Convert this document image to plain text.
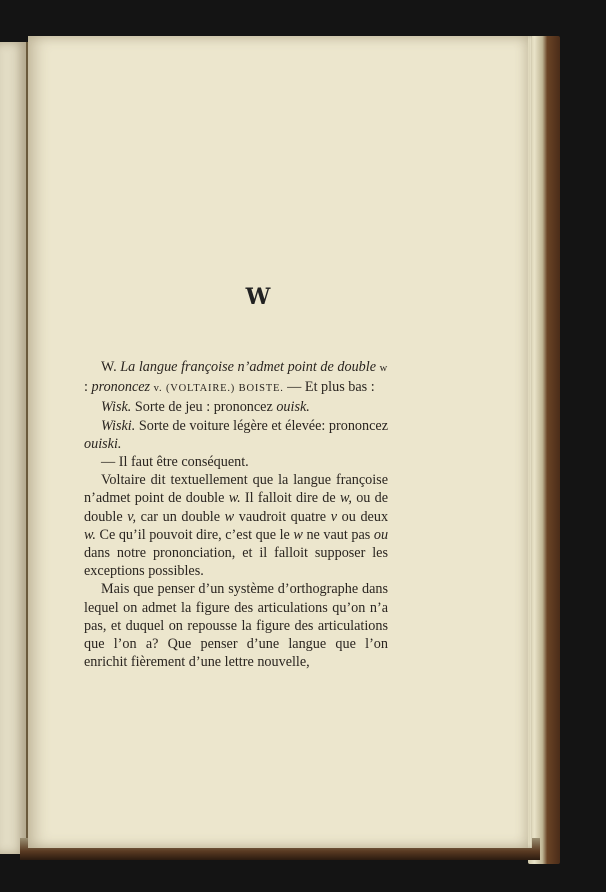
W

W. La langue françoise n’admet point de double w : prononcez v. (VOLTAIRE.) BOISTE. — Et plus bas :

Wisk. Sorte de jeu : prononcez ouisk.

Wiski. Sorte de voiture légère et élevée: prononcez ouiski.

— Il faut être conséquent.

Voltaire dit textuellement que la langue françoise n’admet point de double w. Il falloit dire de w, ou de double v, car un double w vaudroit quatre v ou deux w. Ce qu’il pouvoit dire, c’est que le w ne vaut pas ou dans notre prononciation, et il falloit supposer les exceptions possibles.

Mais que penser d’un système d’orthographe dans lequel on admet la figure des articulations qu’on n’a pas, et duquel on repousse la figure des articulations que l’on a? Que penser d’une langue que l’on enrichit fièrement d’une lettre nouvelle,
